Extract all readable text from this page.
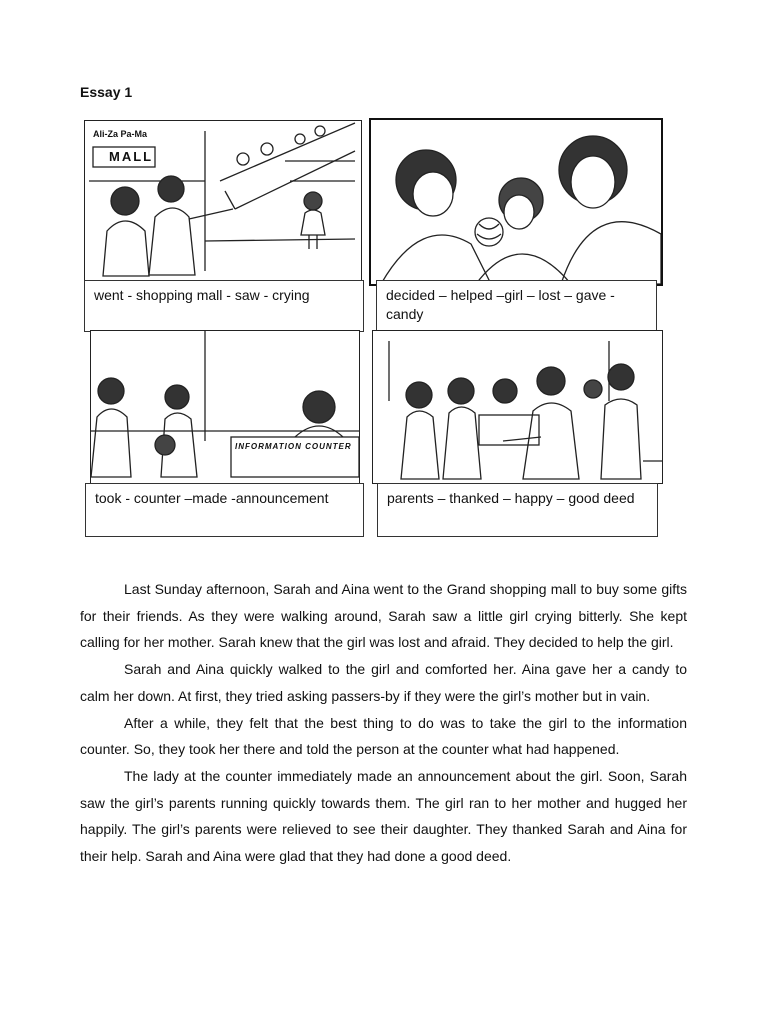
Essay 1
Ali-Za Pa-Ma
MALL
went - shopping mall - saw - crying	decided – helped –girl – lost – gave - candy
INFORMATION COUNTER
took - counter –made -announcement	parents – thanked – happy – good deed

Last Sunday afternoon, Sarah and Aina went to the Grand shopping mall to buy some gifts for their friends. As they were walking around, Sarah saw a little girl crying bitterly. She kept calling for her mother. Sarah knew that the girl was lost and afraid. They decided to help the girl.

Sarah and Aina quickly walked to the girl and comforted her. Aina gave her a candy to calm her down. At first, they tried asking passers-by if they were the girl’s mother but in vain.

After a while, they felt that the best thing to do was to take the girl to the information counter. So, they took her there and told the person at the counter what had happened.

The lady at the counter immediately made an announcement about the girl. Soon, Sarah saw the girl’s parents running quickly towards them. The girl ran to her mother and hugged her happily. The girl’s parents were relieved to see their daughter. They thanked Sarah and Aina for their help. Sarah and Aina were glad that they had done a good deed.
